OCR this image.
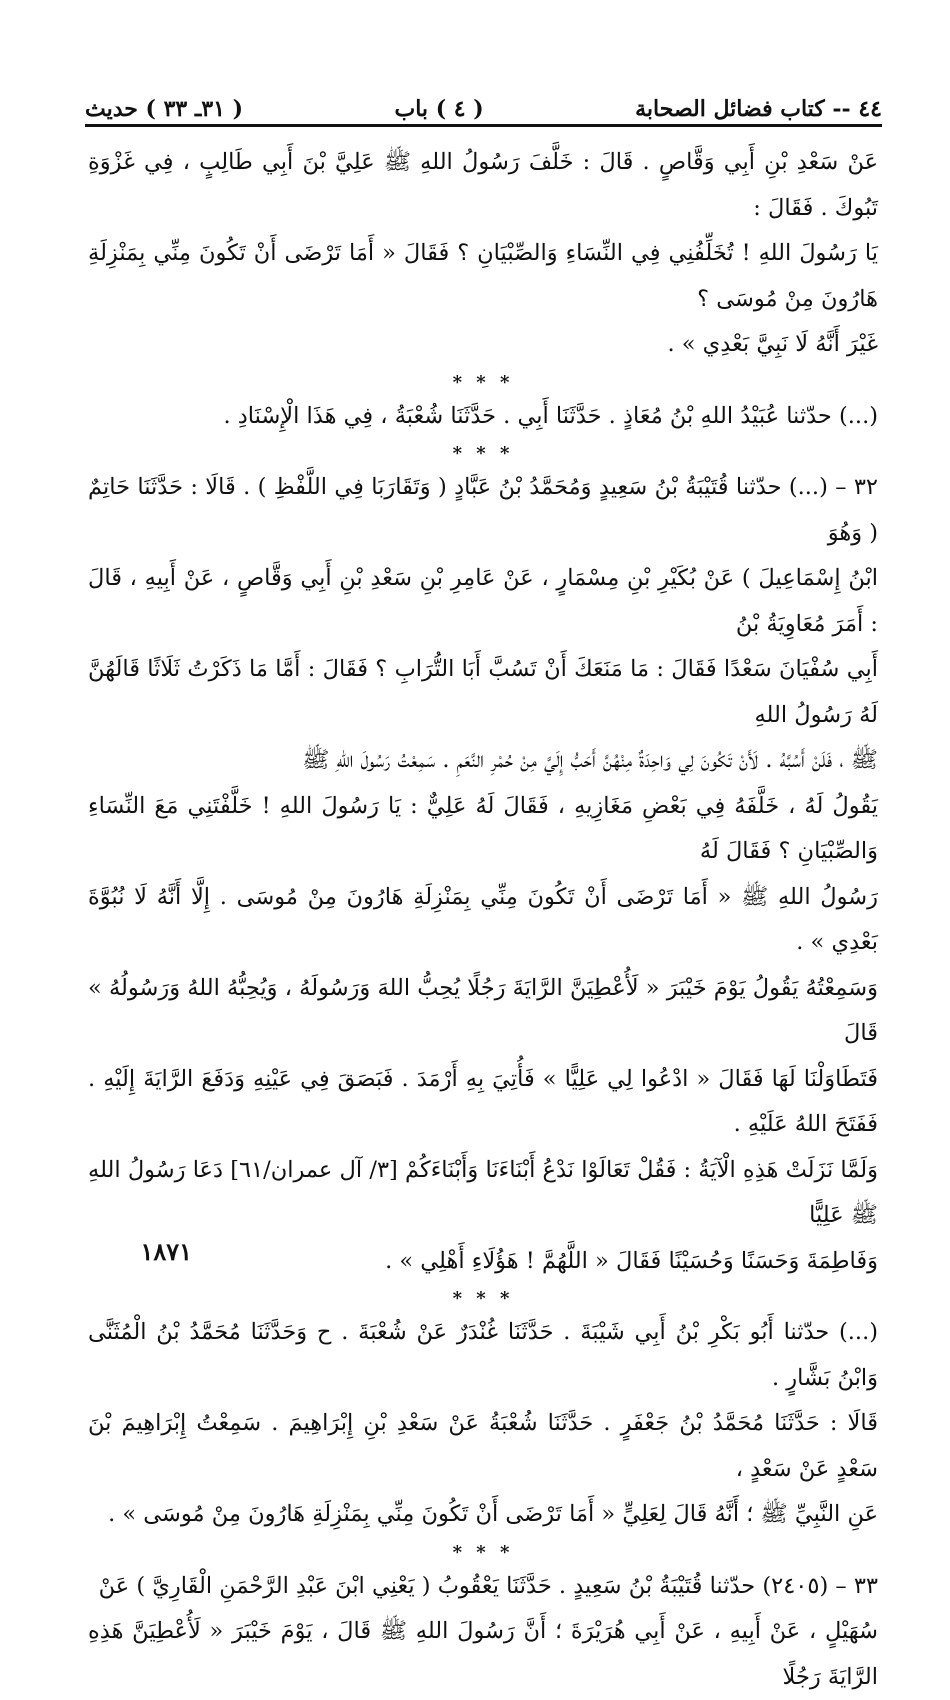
٤٤ -- كتاب فضائل الصحابة
( ٤ ) باب
( ٣١ـ ٣٣ ) حديث

عَنْ سَعْدِ بْنِ أَبِي وَقَّاصٍ . قَالَ : خَلَّفَ رَسُولُ اللهِ ﷺ عَلِيَّ بْنَ أَبِي طَالِبٍ ، فِي غَزْوَةِ تَبُوكَ . فَقَالَ :

يَا رَسُولَ اللهِ ! تُخَلِّفُنِي فِي النِّسَاءِ وَالصِّبْيَانِ ؟ فَقَالَ « أَمَا تَرْضَى أَنْ تَكُونَ مِنِّي بِمَنْزِلَةِ هَارُونَ مِنْ مُوسَى ؟

غَيْرَ أَنَّهُ لَا نَبِيَّ بَعْدِي » .

* * *

(...) حدّثنا عُبَيْدُ اللهِ بْنُ مُعَاذٍ . حَدَّثَنَا أَبِي . حَدَّثَنَا شُعْبَةُ ، فِي هَذَا الْإِسْنَادِ .

* * *

٣٢ – (...) حدّثنا قُتَيْبَةُ بْنُ سَعِيدٍ وَمُحَمَّدُ بْنُ عَبَّادٍ ( وَتَقَارَبَا فِي اللَّفْظِ ) . قَالَا : حَدَّثَنَا حَاتِمٌ ( وَهُوَ

ابْنُ إِسْمَاعِيلَ ) عَنْ بُكَيْرِ بْنِ مِسْمَارٍ ، عَنْ عَامِرِ بْنِ سَعْدِ بْنِ أَبِي وَقَّاصٍ ، عَنْ أَبِيهِ ، قَالَ : أَمَرَ مُعَاوِيَةُ بْنُ

أَبِي سُفْيَانَ سَعْدًا فَقَالَ : مَا مَنَعَكَ أَنْ تَسُبَّ أَبَا التُّرَابِ ؟ فَقَالَ : أَمَّا مَا ذَكَرْتُ ثَلَاثًا قَالَهُنَّ لَهُ رَسُولُ اللهِ

ﷺ ، فَلَنْ أَسُبَّهُ . لَأَنْ تَكُونَ لِي وَاحِدَةٌ مِنْهُنَّ أَحَبُّ إِلَيَّ مِنْ حُمْرِ النَّعَمِ . سَمِعْتُ رَسُولَ اللهِ ﷺ

يَقُولُ لَهُ ، خَلَّفَهُ فِي بَعْضِ مَغَازِيهِ ، فَقَالَ لَهُ عَلِيٌّ : يَا رَسُولَ اللهِ ! خَلَّفْتَنِي مَعَ النِّسَاءِ وَالصِّبْيَانِ ؟ فَقَالَ لَهُ

رَسُولُ اللهِ ﷺ « أَمَا تَرْضَى أَنْ تَكُونَ مِنِّي بِمَنْزِلَةِ هَارُونَ مِنْ مُوسَى . إِلَّا أَنَّهُ لَا نُبُوَّةَ بَعْدِي » .

وَسَمِعْتُهُ يَقُولُ يَوْمَ خَيْبَرَ « لَأُعْطِيَنَّ الرَّايَةَ رَجُلًا يُحِبُّ اللهَ وَرَسُولَهُ ، وَيُحِبُّهُ اللهُ وَرَسُولُهُ » قَالَ

فَتَطَاوَلْنَا لَهَا فَقَالَ « ادْعُوا لِي عَلِيًّا » فَأُتِيَ بِهِ أَرْمَدَ . فَبَصَقَ فِي عَيْنِهِ وَدَفَعَ الرَّايَةَ إِلَيْهِ . فَفَتَحَ اللهُ عَلَيْهِ .

وَلَمَّا نَزَلَتْ هَذِهِ الْآيَةُ : فَقُلْ تَعَالَوْا نَدْعُ أَبْنَاءَنَا وَأَبْنَاءَكُمْ [٣/ آل عمران/٦١] دَعَا رَسُولُ اللهِ ﷺ عَلِيًّا

وَفَاطِمَةَ وَحَسَنًا وَحُسَيْنًا فَقَالَ « اللَّهُمَّ ! هَؤُلَاءِ أَهْلِي » .

* * *

(...) حدّثنا أَبُو بَكْرِ بْنُ أَبِي شَيْبَةَ . حَدَّثَنَا غُنْدَرٌ عَنْ شُعْبَةَ . ح وَحَدَّثَنَا مُحَمَّدُ بْنُ الْمُثَنَّى وَابْنُ بَشَّارٍ .

قَالَا : حَدَّثَنَا مُحَمَّدُ بْنُ جَعْفَرٍ . حَدَّثَنَا شُعْبَةُ عَنْ سَعْدِ بْنِ إِبْرَاهِيمَ . سَمِعْتُ إِبْرَاهِيمَ بْنَ سَعْدٍ عَنْ سَعْدٍ ،

عَنِ النَّبِيِّ ﷺ ؛ أَنَّهُ قَالَ لِعَلِيٍّ « أَمَا تَرْضَى أَنْ تَكُونَ مِنِّي بِمَنْزِلَةِ هَارُونَ مِنْ مُوسَى » .

* * *

٣٣ – (٢٤٠٥) حدّثنا قُتَيْبَةُ بْنُ سَعِيدٍ . حَدَّثَنَا يَعْقُوبُ ( يَعْنِي ابْنَ عَبْدِ الرَّحْمَنِ الْقَارِيَّ ) عَنْ

سُهَيْلٍ ، عَنْ أَبِيهِ ، عَنْ أَبِي هُرَيْرَةَ ؛ أَنَّ رَسُولَ اللهِ ﷺ قَالَ ، يَوْمَ خَيْبَرَ « لَأُعْطِيَنَّ هَذِهِ الرَّايَةَ رَجُلًا

١٨٧١
